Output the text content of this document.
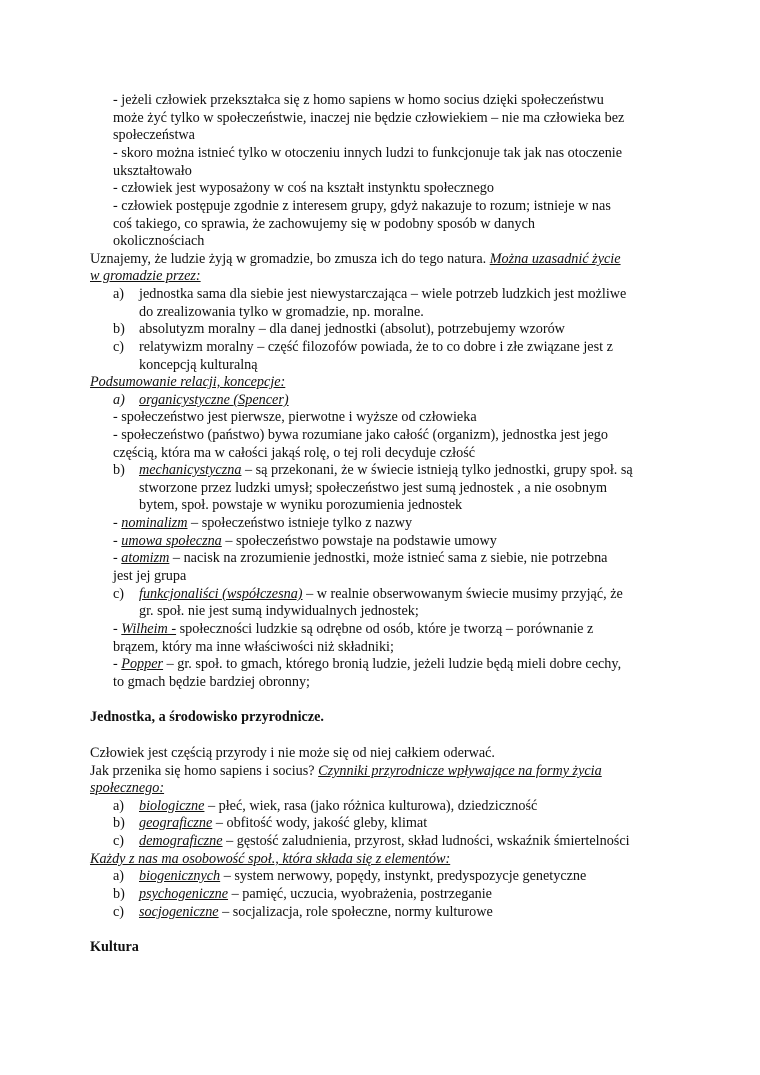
- jeżeli człowiek przekształca się z homo sapiens w homo socius dzięki społeczeństwu
może żyć tylko w społeczeństwie, inaczej nie będzie człowiekiem – nie ma człowieka bez
społeczeństwa
- skoro można istnieć tylko w otoczeniu innych ludzi to funkcjonuje tak jak nas otoczenie
ukształtowało
- człowiek jest wyposażony w coś na kształt instynktu społecznego
- człowiek postępuje zgodnie z interesem grupy, gdyż nakazuje to rozum; istnieje w nas
coś takiego, co sprawia, że zachowujemy się w podobny sposób w danych
okolicznościach
Uznajemy, że ludzie żyją w gromadzie, bo zmusza ich do tego natura. Można uzasadnić życie
w gromadzie przez:
a) jednostka sama dla siebie jest niewystarczająca – wiele potrzeb ludzkich jest możliwe
do zrealizowania tylko w gromadzie, np. moralne.
b) absolutyzm moralny – dla danej jednostki (absolut), potrzebujemy wzorów
c) relatywizm moralny – część filozofów powiada, że to co dobre i złe związane jest z
koncepcją kulturalną
Podsumowanie relacji, koncepcje:
a) organicystyczne (Spencer)
- społeczeństwo jest pierwsze, pierwotne i wyższe od człowieka
- społeczeństwo (państwo) bywa rozumiane jako całość (organizm), jednostka jest jego
częścią, która ma w całości jakąś rolę, o tej roli decyduje człość
b) mechanicystyczna – są przekonani, że w świecie istnieją tylko jednostki, grupy społ. są
stworzone przez ludzki umysł; społeczeństwo jest sumą jednostek , a nie osobnym
bytem, społ. powstaje w wyniku porozumienia jednostek
- nominalizm – społeczeństwo istnieje tylko z nazwy
- umowa społeczna – społeczeństwo powstaje na podstawie umowy
- atomizm – nacisk na zrozumienie jednostki, może istnieć sama z siebie, nie potrzebna
jest jej grupa
c) funkcjonaliści (współczesna) – w realnie obserwowanym świecie musimy przyjąć, że
gr. społ. nie jest sumą indywidualnych jednostek;
- Wilheim - społeczności ludzkie są odrębne od osób, które je tworzą – porównanie z
brązem, który ma inne właściwości niż składniki;
- Popper – gr. społ. to gmach, którego bronią ludzie, jeżeli ludzie będą mieli dobre cechy,
to gmach będzie bardziej obronny;
Jednostka, a środowisko przyrodnicze.
Człowiek jest częścią przyrody i nie może się od niej całkiem oderwać.
Jak przenika się homo sapiens i socius? Czynniki przyrodnicze wpływające na formy życia
społecznego:
a) biologiczne – płeć, wiek, rasa (jako różnica kulturowa), dziedziczność
b) geograficzne – obfitość wody, jakość gleby, klimat
c) demograficzne – gęstość zaludnienia, przyrost, skład ludności, wskaźnik śmiertelności
Każdy z nas ma osobowość społ., która składa się z elementów:
a) biogenicznych – system nerwowy, popędy, instynkt, predyspozycje genetyczne
b) psychogeniczne – pamięć, uczucia, wyobrażenia, postrzeganie
c) socjogeniczne – socjalizacja, role społeczne, normy kulturowe
Kultura
